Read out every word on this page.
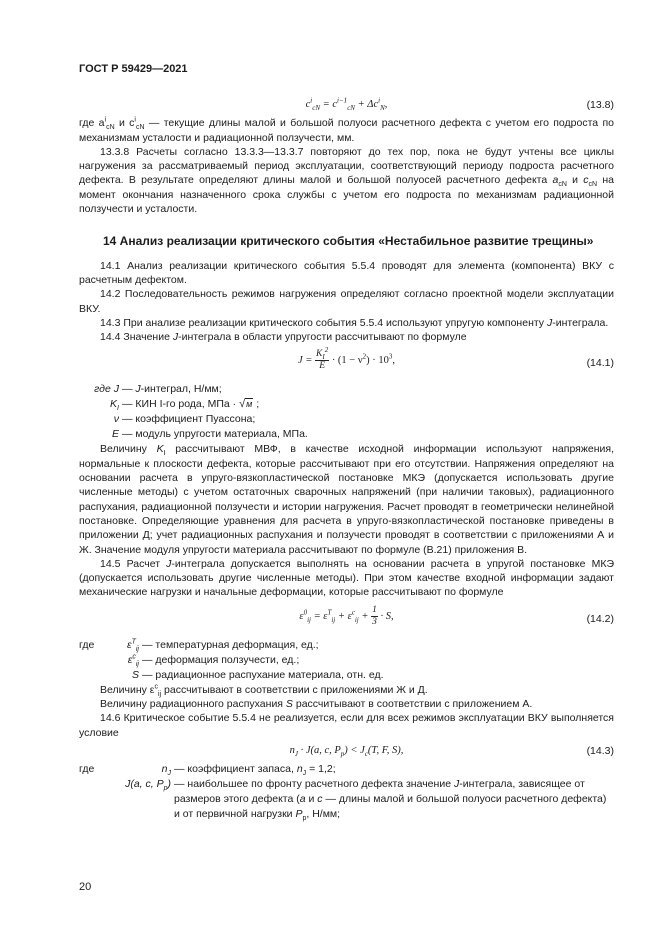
ГОСТ Р 59429—2021
$c^i_{cN} = c^{i-1}_{cN} + \Delta c^i_N$,	(13.8)

где $a^i_{cN}$ и $c^i_{cN}$ — текущие длины малой и большой полуоси расчетного дефекта с учетом его подроста по механизмам усталости и радиационной ползучести, мм.

13.3.8 Расчеты согласно 13.3.3—13.3.7 повторяют до тех пор, пока не будут учтены все циклы нагружения за рассматриваемый период эксплуатации, соответствующий периоду подроста расчетного дефекта. В результате определяют длины малой и большой полуосей расчетного дефекта $a_{cN}$ и $c_{cN}$ на момент окончания назначенного срока службы с учетом его подроста по механизмам радиационной ползучести и усталости.

14 Анализ реализации критического события «Нестабильное развитие трещины»

14.1 Анализ реализации критического события 5.5.4 проводят для элемента (компонента) ВКУ с расчетным дефектом.

14.2 Последовательность режимов нагружения определяют согласно проектной модели эксплуатации ВКУ.

14.3 При анализе реализации критического события 5.5.4 используют упругую компоненту J-интеграла.

14.4 Значение J-интеграла в области упругости рассчитывают по формуле

$J = \frac{K_I^2}{E} \cdot (1 - \nu^2) \cdot 10^3$,	(14.1)
где J — J-интеграл, Н/мм;
$K_I$ — КИН I-го рода, МПа · √м ;
ν — коэффициент Пуассона;
E — модуль упругости материала, МПа.

Величину $K_I$ рассчитывают МВФ, в качестве исходной информации используют напряжения, нормальные к плоскости дефекта, которые рассчитывают при его отсутствии. Напряжения определяют на основании расчета в упруго-вязкопластической постановке МКЭ (допускается использовать другие численные методы) с учетом остаточных сварочных напряжений (при наличии таковых), радиационного распухания, радиационной ползучести и истории нагружения. Расчет проводят в геометрически нелинейной постановке. Определяющие уравнения для расчета в упруго-вязкопластической постановке приведены в приложении Д; учет радиационных распухания и ползучести проводят в соответствии с приложениями А и Ж. Значение модуля упругости материала рассчитывают по формуле (В.21) приложения В.

14.5 Расчет J-интеграла допускается выполнять на основании расчета в упругой постановке МКЭ (допускается использовать другие численные методы). При этом качестве входной информации задают механические нагрузки и начальные деформации, которые рассчитывают по формуле

$\varepsilon^0_{ij} = \varepsilon^T_{ij} + \varepsilon^c_{ij} + \frac{1}{3} \cdot S$,	(14.2)
где	$\varepsilon^T_{ij}$ — температурная деформация, ед.;
$\varepsilon^c_{ij}$ — деформация ползучести, ед.;
S — радиационное распухание материала, отн. ед.

Величину $\varepsilon^c_{ij}$ рассчитывают в соответствии с приложениями Ж и Д.

Величину радиационного распухания S рассчитывают в соответствии с приложением А.

14.6 Критическое событие 5.5.4 не реализуется, если для всех режимов эксплуатации ВКУ выполняется условие

$n_J \cdot J(a$, c, $P_p) < J_c(T$, F, S),	(14.3)
где	$n_J$ — коэффициент запаса, $n_J = 1,2$;
J(a, c, $P_p$) — наибольшее по фронту расчетного дефекта значение J-интеграла, зависящее от размеров этого дефекта (a и c — длины малой и большой полуоси расчетного дефекта) и от первичной нагрузки $P_p$, Н/мм;
20
